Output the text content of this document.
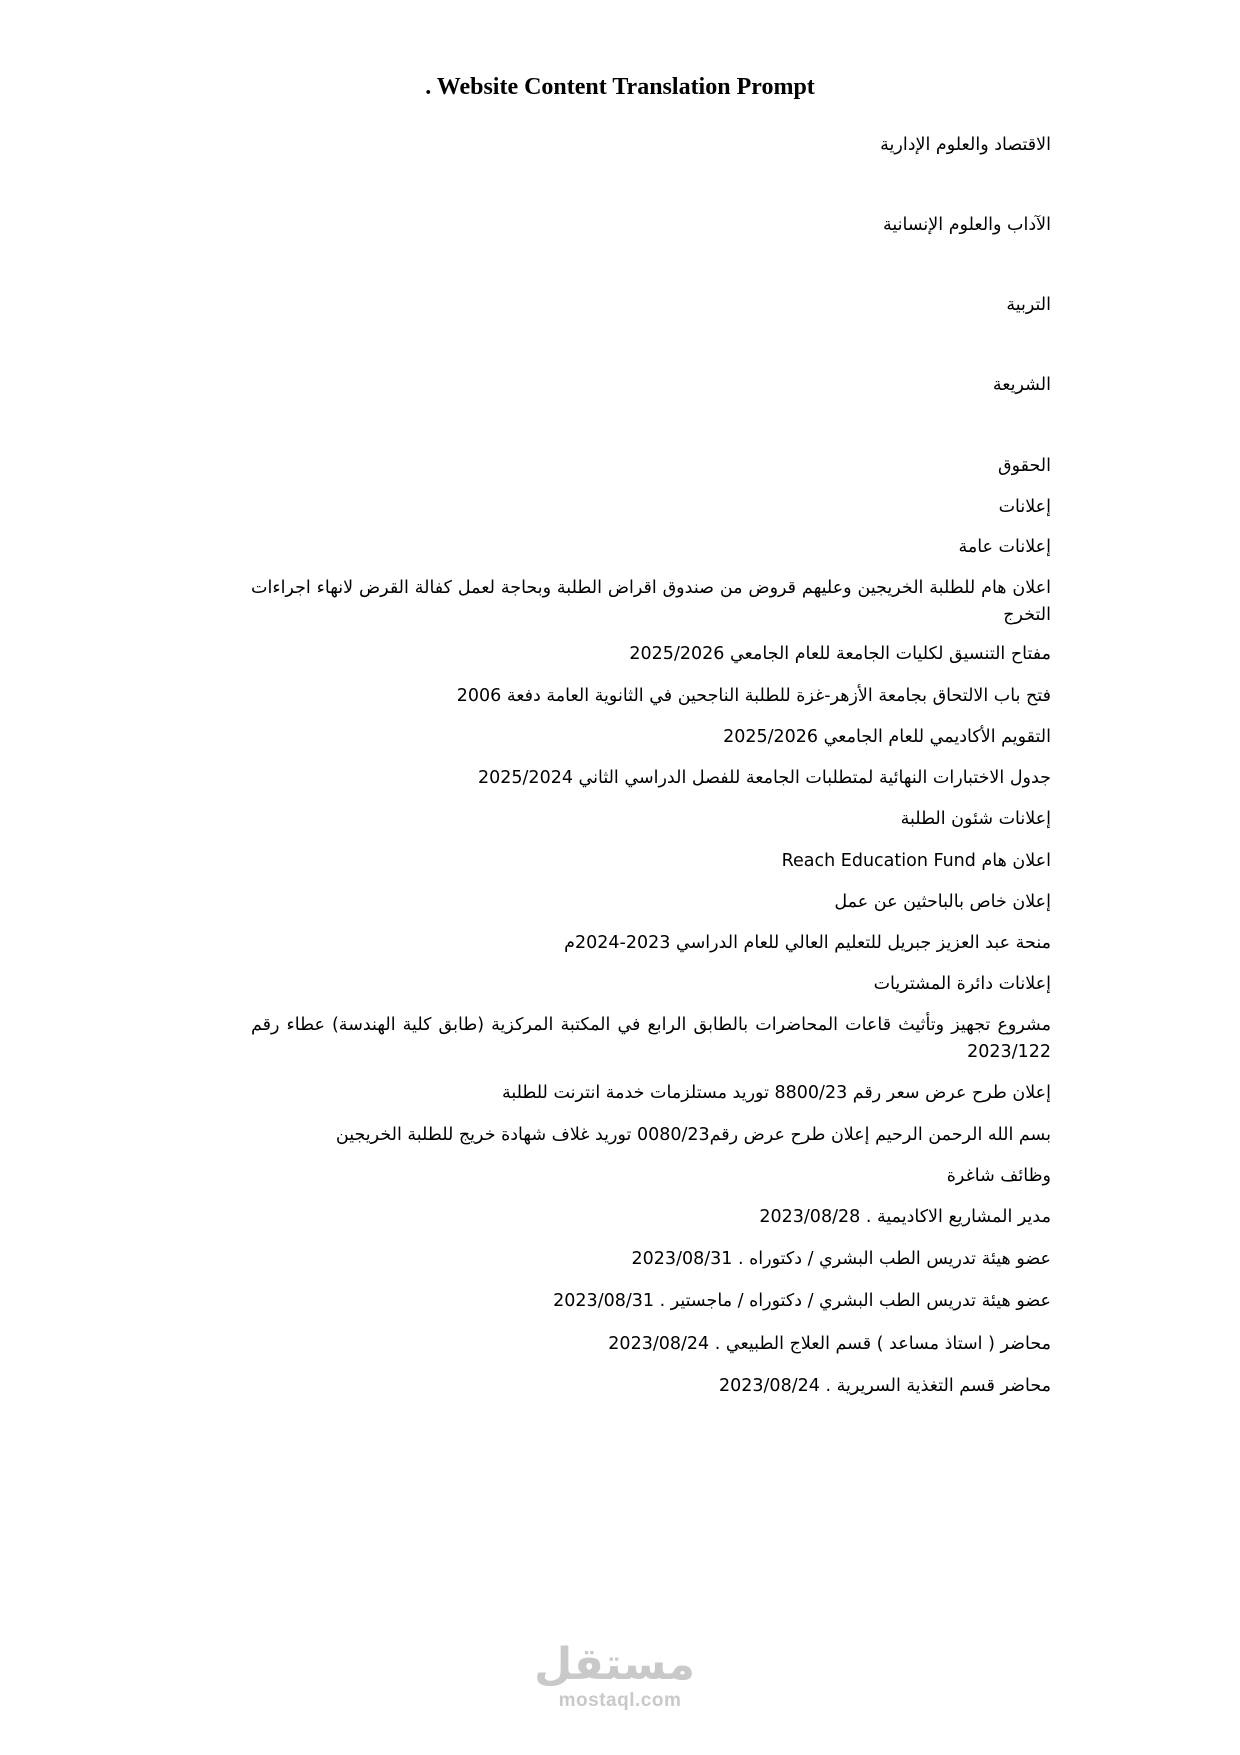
. Website Content Translation Prompt
الاقتصاد والعلوم الإدارية
الآداب والعلوم الإنسانية
التربية
الشريعة
الحقوق
إعلانات
إعلانات عامة
اعلان هام للطلبة الخريجين وعليهم قروض من صندوق اقراض الطلبة وبحاجة لعمل كفالة القرض لانهاء اجراءات التخرج
مفتاح التنسيق لكليات الجامعة للعام الجامعي 2025/2026
فتح باب الالتحاق بجامعة الأزهر-غزة للطلبة الناجحين في الثانوية العامة دفعة 2006
التقويم الأكاديمي للعام الجامعي 2025/2026
جدول الاختبارات النهائية لمتطلبات الجامعة للفصل الدراسي الثاني 2025/2024
إعلانات شئون الطلبة
اعلان هام Reach Education Fund
إعلان خاص بالباحثين عن عمل
منحة عبد العزيز جبريل للتعليم العالي للعام الدراسي 2023-2024م
إعلانات دائرة المشتريات
مشروع تجهيز وتأثيث قاعات المحاضرات بالطابق الرابع في المكتبة المركزية (طابق كلية الهندسة) عطاء رقم 2023/122
إعلان طرح عرض سعر رقم 8800/23 توريد مستلزمات خدمة انترنت للطلبة
بسم الله الرحمن الرحيم إعلان طرح عرض رقم0080/23 توريد غلاف شهادة خريج للطلبة الخريجين
وظائف شاغرة
مدير المشاريع الاكاديمية . 2023/08/28
عضو هيئة تدريس الطب البشري / دكتوراه . 2023/08/31
عضو هيئة تدريس الطب البشري / دكتوراه / ماجستير . 2023/08/31
محاضر ( استاذ مساعد ) قسم العلاج الطبيعي . 2023/08/24
محاضر قسم التغذية السريرية . 2023/08/24
مستقل
mostaql.com
